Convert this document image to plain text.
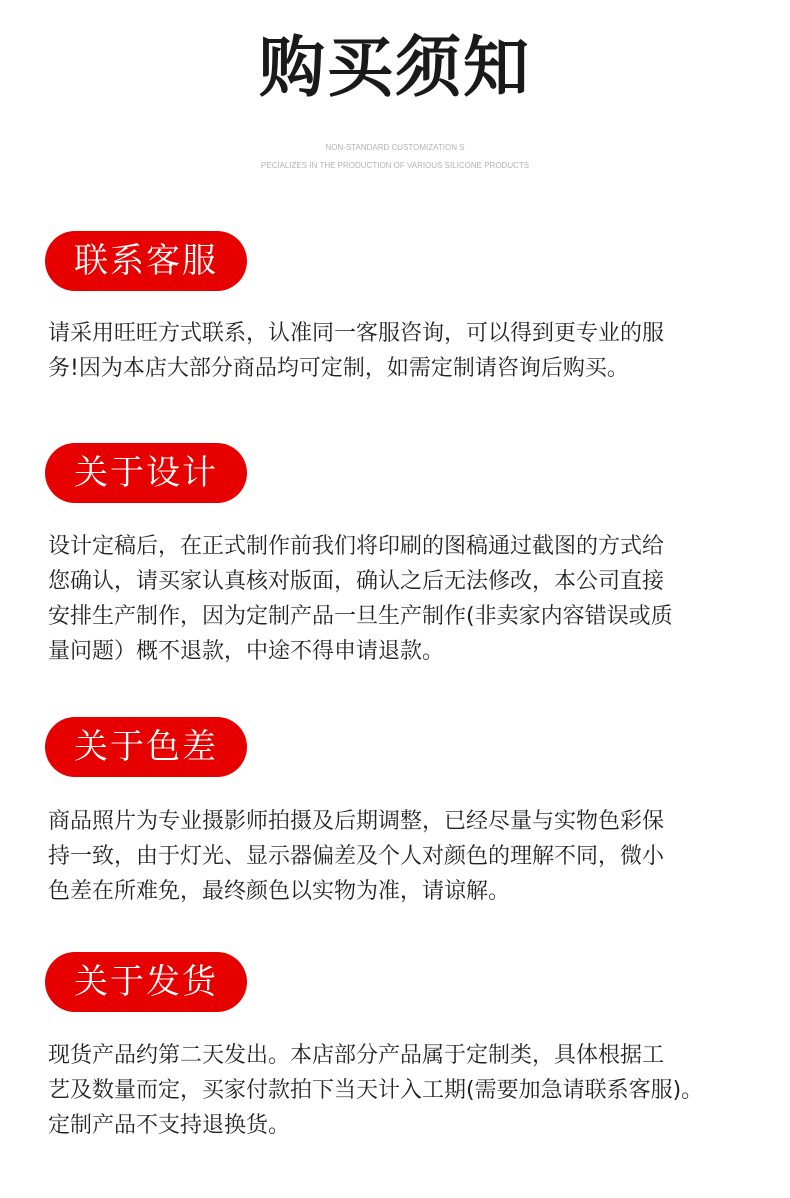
购买须知
NON-STANDARD CUSTOMIZATION S
PECIALIZES IN THE PRODUCTION OF VARIOUS SILICONE PRODUCTS
联系客服

请采用旺旺方式联系，认准同一客服咨询，可以得到更专业的服

务!因为本店大部分商品均可定制，如需定制请咨询后购买。

关于设计

设计定稿后，在正式制作前我们将印刷的图稿通过截图的方式给

您确认，请买家认真核对版面，确认之后无法修改，本公司直接

安排生产制作，因为定制产品一旦生产制作(非卖家内容错误或质

量问题）概不退款，中途不得申请退款。

关于色差

商品照片为专业摄影师拍摄及后期调整，已经尽量与实物色彩保

持一致，由于灯光、显示器偏差及个人对颜色的理解不同，微小

色差在所难免，最终颜色以实物为准，请谅解。

关于发货

现货产品约第二天发出。本店部分产品属于定制类，具体根据工

艺及数量而定，买家付款拍下当天计入工期(需要加急请联系客服)。

定制产品不支持退换货。
